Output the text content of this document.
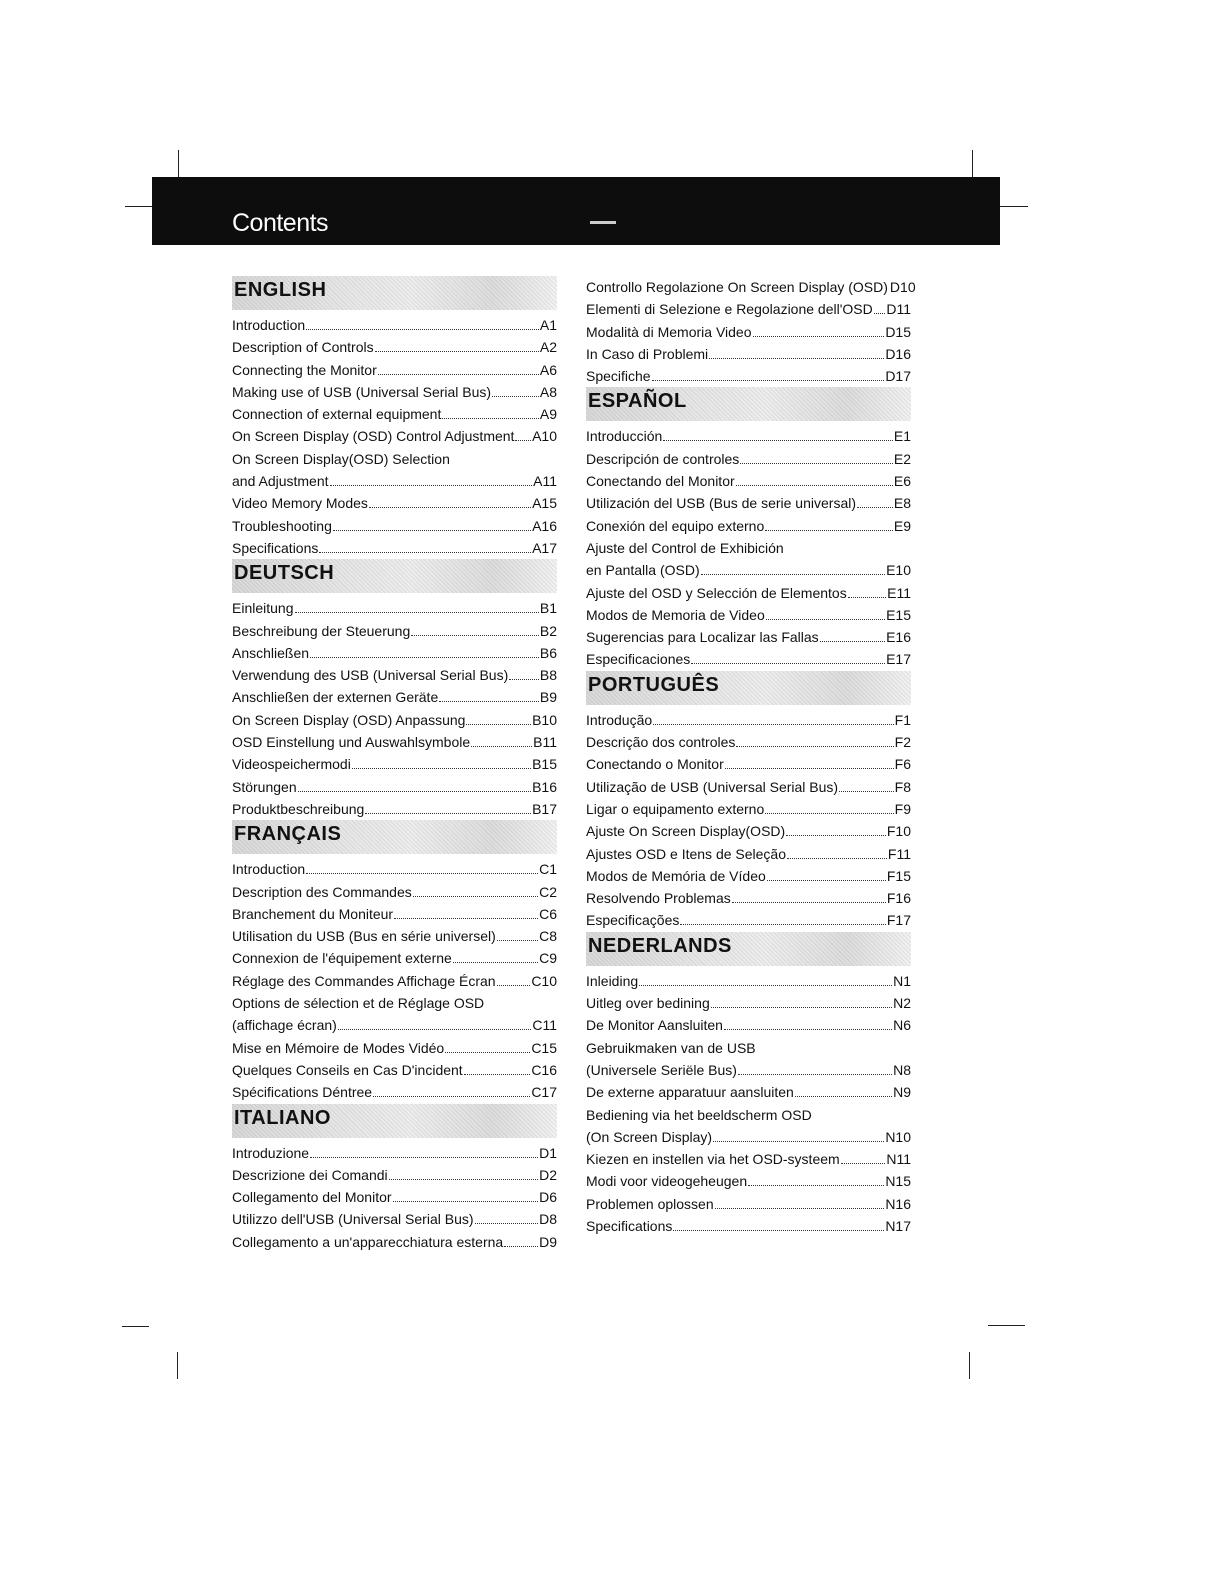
Contents
ENGLISH
Introduction	A1
Description of Controls	A2
Connecting the Monitor	A6
Making use of USB (Universal Serial Bus)	A8
Connection of external equipment	A9
On Screen Display (OSD) Control Adjustment A10
On Screen Display(OSD) Selection
and Adjustment	A11
Video Memory Modes	A15
Troubleshooting	A16
Specifications	A17
DEUTSCH
Einleitung	B1
Beschreibung der Steuerung	B2
Anschließen	B6
Verwendung des USB (Universal Serial Bus) B8
Anschließen der externen Geräte	B9
On Screen Display (OSD) Anpassung	B10
OSD Einstellung und Auswahlsymbole	B11
Videospeichermodi	B15
Störungen	B16
Produktbeschreibung	B17
FRANÇAIS
Introduction	C1
Description des Commandes	C2
Branchement du Moniteur	C6
Utilisation du USB (Bus en série universel)	C8
Connexion de l'équipement externe	C9
Réglage des Commandes Affichage Écran	C10
Options de sélection et de Réglage OSD
(affichage écran)	C11
Mise en Mémoire de Modes Vidéo	C15
Quelques Conseils en Cas D'incident	C16
Spécifications Déntree	C17
ITALIANO
Introduzione	D1
Descrizione dei Comandi	D2
Collegamento del Monitor	D6
Utilizzo dell'USB (Universal Serial Bus)	D8
Collegamento a un'apparecchiatura esterna	D9
Controllo Regolazione On Screen Display (OSD) D10
Elementi di Selezione e Regolazione dell'OSD D11
Modalità di Memoria Video	D15
In Caso di Problemi	D16
Specifiche	D17
ESPAÑOL
Introducción	E1
Descripción de controles	E2
Conectando del Monitor	E6
Utilización del USB (Bus de serie universal)	E8
Conexión del equipo externo	E9
Ajuste del Control de Exhibición
en Pantalla (OSD)	E10
Ajuste del OSD y Selección de Elementos	E11
Modos de Memoria de Video	E15
Sugerencias para Localizar las Fallas	E16
Especificaciones	E17
PORTUGUÊS
Introdução	F1
Descrição dos controles	F2
Conectando o Monitor	F6
Utilização de USB (Universal Serial Bus)	F8
Ligar o equipamento externo	F9
Ajuste On Screen Display(OSD)	F10
Ajustes OSD e Itens de Seleção	F11
Modos de Memória de Vídeo	F15
Resolvendo Problemas	F16
Especificações	F17
NEDERLANDS
Inleiding	N1
Uitleg over bedining	N2
De Monitor Aansluiten	N6
Gebruikmaken van de USB
(Universele Seriële Bus)	N8
De externe apparatuur aansluiten	N9
Bediening via het beeldscherm OSD
(On Screen Display)	N10
Kiezen en instellen via het OSD-systeem	N11
Modi voor videogeheugen	N15
Problemen oplossen	N16
Specifications	N17
